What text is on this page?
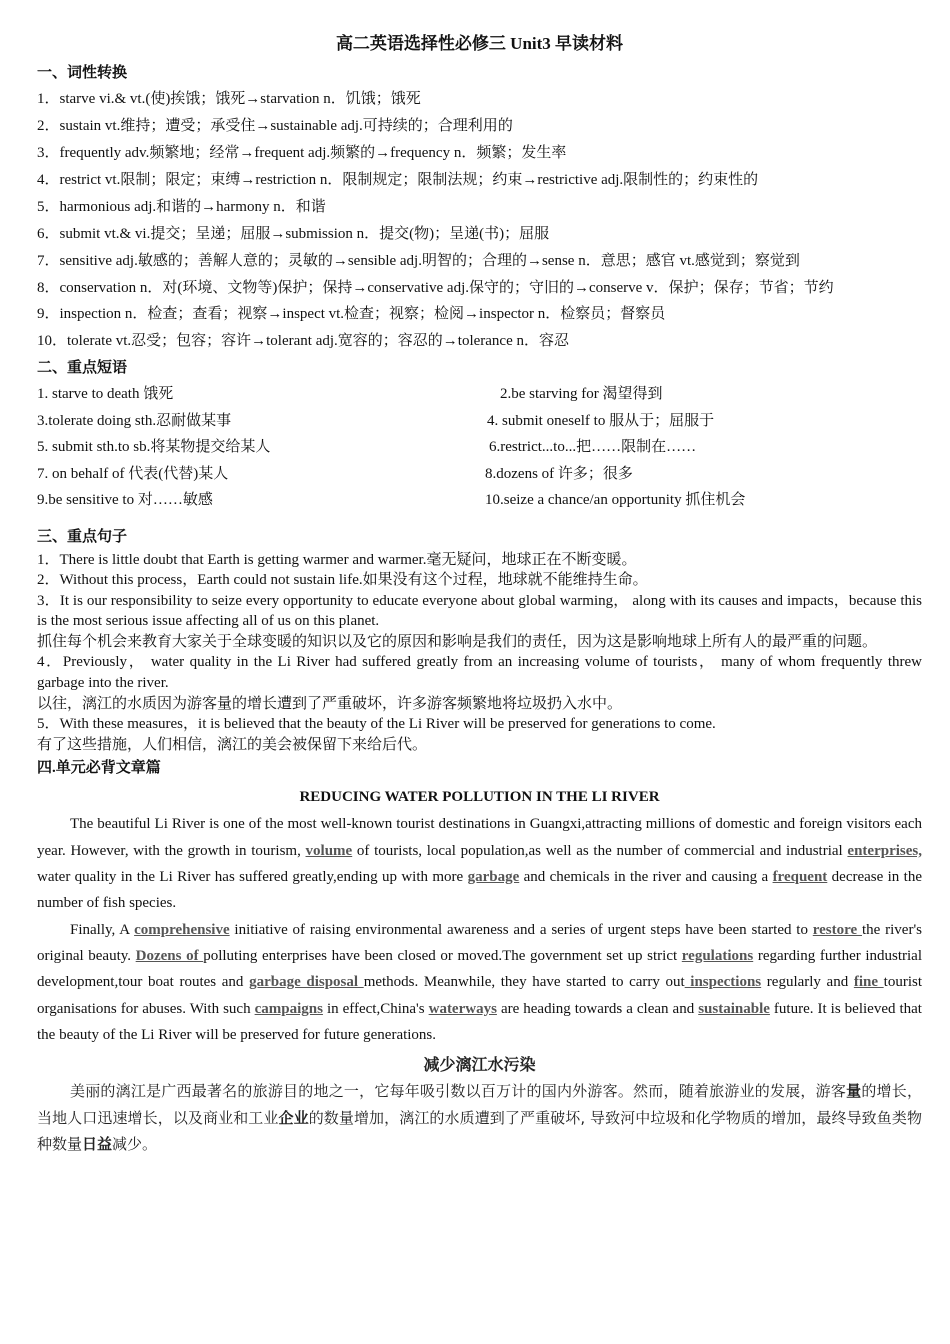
高二英语选择性必修三 Unit3 早读材料
一、词性转换
1．starve vi.& vt.(使)挨饿；饿死→starvation n．饥饿；饿死
2．sustain vt.维持；遭受；承受住→sustainable adj.可持续的；合理利用的
3．frequently adv.频繁地；经常→frequent adj.频繁的→frequency n．频繁；发生率
4．restrict vt.限制；限定；束缚→restriction n．限制规定；限制法规；约束→restrictive adj.限制性的；约束性的
5．harmonious adj.和谐的→harmony n．和谐
6．submit vt.& vi.提交；呈递；屈服→submission n．提交(物)；呈递(书)；屈服
7．sensitive adj.敏感的；善解人意的；灵敏的→sensible adj.明智的；合理的→sense n．意思；感官 vt.感觉到；察觉到
8．conservation n．对(环境、文物等)保护；保持→conservative adj.保守的；守旧的→conserve v．保护；保存；节省；节约
9．inspection n．检查；查看；视察→inspect vt.检查；视察；检阅→inspector n．检察员；督察员
10．tolerate vt.忍受；包容；容许→tolerant adj.宽容的；容忍的→tolerance n．容忍
二、重点短语
1. starve to death 饿死	2.be starving for 渴望得到
3.tolerate doing sth.忍耐做某事	4. submit oneself to 服从于；屈服于
5. submit sth.to sb.将某物提交给某人	6.restrict...to...把……限制在……
7. on behalf of 代表(代替)某人	8.dozens of 许多；很多
9.be sensitive to 对……敏感	10.seize a chance/an opportunity 抓住机会
三、重点句子
1．There is little doubt that Earth is getting warmer and warmer.毫无疑问，地球正在不断变暖。
2．Without this process，Earth could not sustain life.如果没有这个过程，地球就不能维持生命。
3．It is our responsibility to seize every opportunity to educate everyone about global warming， along with its causes and impacts，because this is the most serious issue affecting all of us on this planet.
抓住每个机会来教育大家关于全球变暖的知识以及它的原因和影响是我们的责任，因为这是影响地球上所有人的最严重的问题。
4．Previously， water quality in the Li River had suffered greatly from an increasing volume of tourists， many of whom frequently threw garbage into the river.
以往，漓江的水质因为游客量的增长遭到了严重破坏，许多游客频繁地将垃圾扔入水中。
5．With these measures，it is believed that the beauty of the Li River will be preserved for generations to come.
有了这些措施，人们相信，漓江的美会被保留下来给后代。
四.单元必背文章篇
REDUCING WATER POLLUTION IN THE LI RIVER

The beautiful Li River is one of the most well-known tourist destinations in Guangxi,attracting millions of domestic and foreign visitors each year. However, with the growth in tourism, volume of tourists, local population,as well as the number of commercial and industrial enterprises, water quality in the Li River has suffered greatly,ending up with more garbage and chemicals in the river and causing a frequent decrease in the number of fish species.

Finally, A comprehensive initiative of raising environmental awareness and a series of urgent steps have been started to restore the river's original beauty. Dozens of polluting enterprises have been closed or moved.The government set up strict regulations regarding further industrial development,tour boat routes and garbage disposal methods. Meanwhile, they have started to carry out inspections regularly and fine tourist organisations for abuses. With such campaigns in effect,China's waterways are heading towards a clean and sustainable future. It is believed that the beauty of the Li River will be preserved for future generations.

减少漓江水污染

美丽的漓江是广西最著名的旅游目的地之一，它每年吸引数以百万计的国内外游客。然而，随着旅游业的发展，游客量的增长，当地人口迅速增长，以及商业和工业企业的数量增加，漓江的水质遭到了严重破坏, 导致河中垃圾和化学物质的增加，最终导致鱼类物种数量日益减少。
